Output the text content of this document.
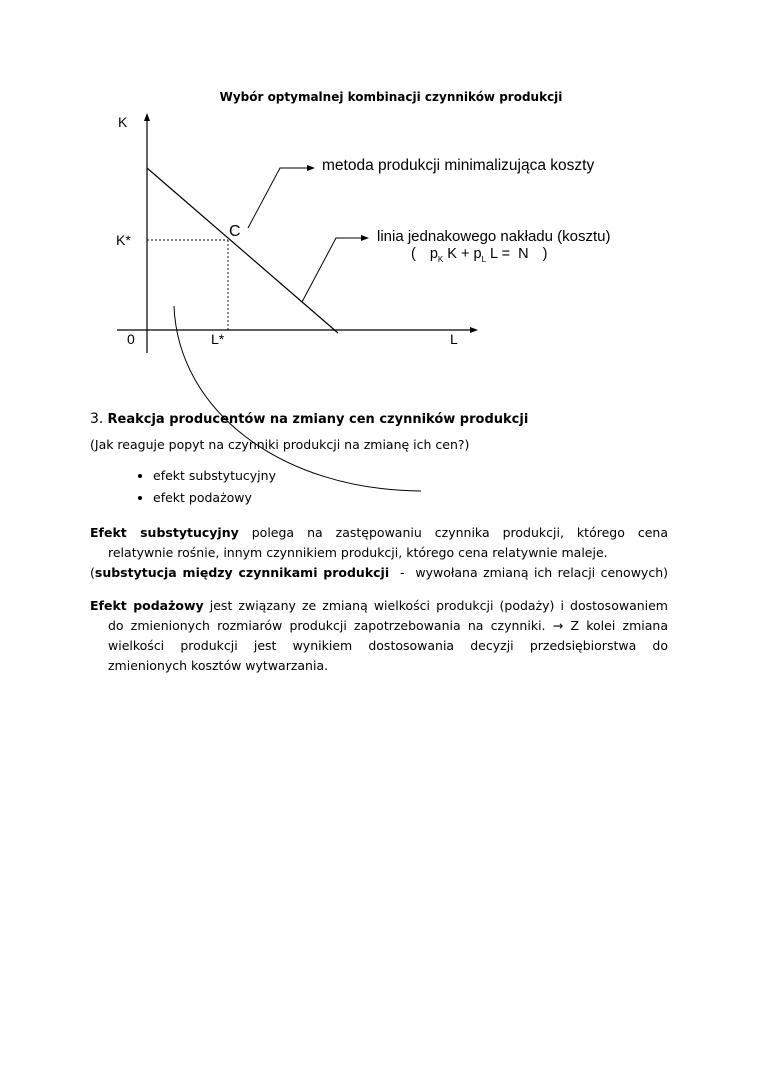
Wybór optymalnej kombinacji czynników produkcji
K
K*
0	L*	L
C
metoda produkcji minimalizująca koszty
linia jednakowego nakładu (kosztu)
( $p_K$ $K + p_L$ L =  N )
3. Reakcja producentów na zmiany cen czynników produkcji
(Jak reaguje popyt na czynniki produkcji na zmianę ich cen?)
• efekt substytucyjny
• efekt podażowy
Efekt substytucyjny polega na zastępowaniu czynnika produkcji, którego cena
relatywnie rośnie, innym czynnikiem produkcji, którego cena relatywnie maleje.
(substytucja między czynnikami produkcji  -  wywołana zmianą ich relacji cenowych)
Efekt podażowy jest związany ze zmianą wielkości produkcji (podaży) i dostosowaniem
do zmienionych rozmiarów produkcji zapotrzebowania na czynniki. → Z kolei zmiana
wielkości produkcji jest wynikiem dostosowania decyzji przedsiębiorstwa do
zmienionych kosztów wytwarzania.
